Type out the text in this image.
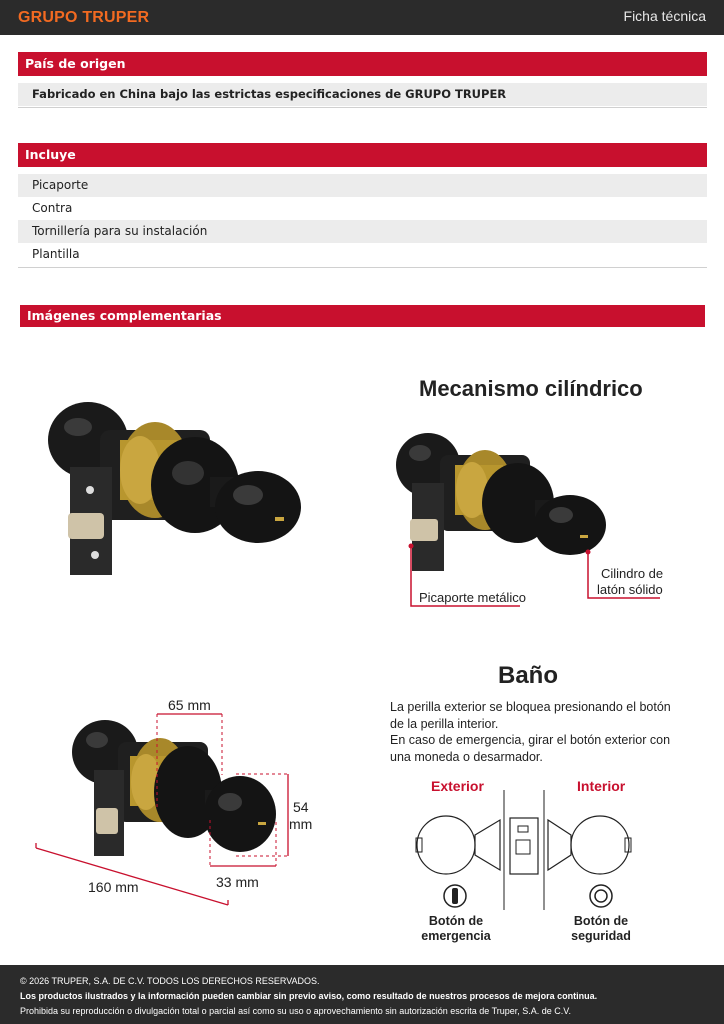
GRUPO TRUPER	Ficha técnica
País de origen
Fabricado en China bajo las estrictas especificaciones de GRUPO TRUPER
Incluye
Picaporte
Contra
Tornillería para su instalación
Plantilla
Imágenes complementarias
Mecanismo cilíndrico
Picaporte metálico
Cilindro de
latón sólido
65 mm
54
mm
33 mm
160 mm
Baño
La perilla exterior se bloquea presionando el botón de la perilla interior.
En caso de emergencia, girar el botón exterior con una moneda o desarmador.
Exterior	Interior
Botón de
emergencia
Botón de
seguridad
© 2026 TRUPER, S.A. DE C.V. TODOS LOS DERECHOS RESERVADOS.
Los productos ilustrados y la información pueden cambiar sin previo aviso, como resultado de nuestros procesos de mejora continua.
Prohibida su reproducción o divulgación total o parcial así como su uso o aprovechamiento sin autorización escrita de Truper, S.A. de C.V.
